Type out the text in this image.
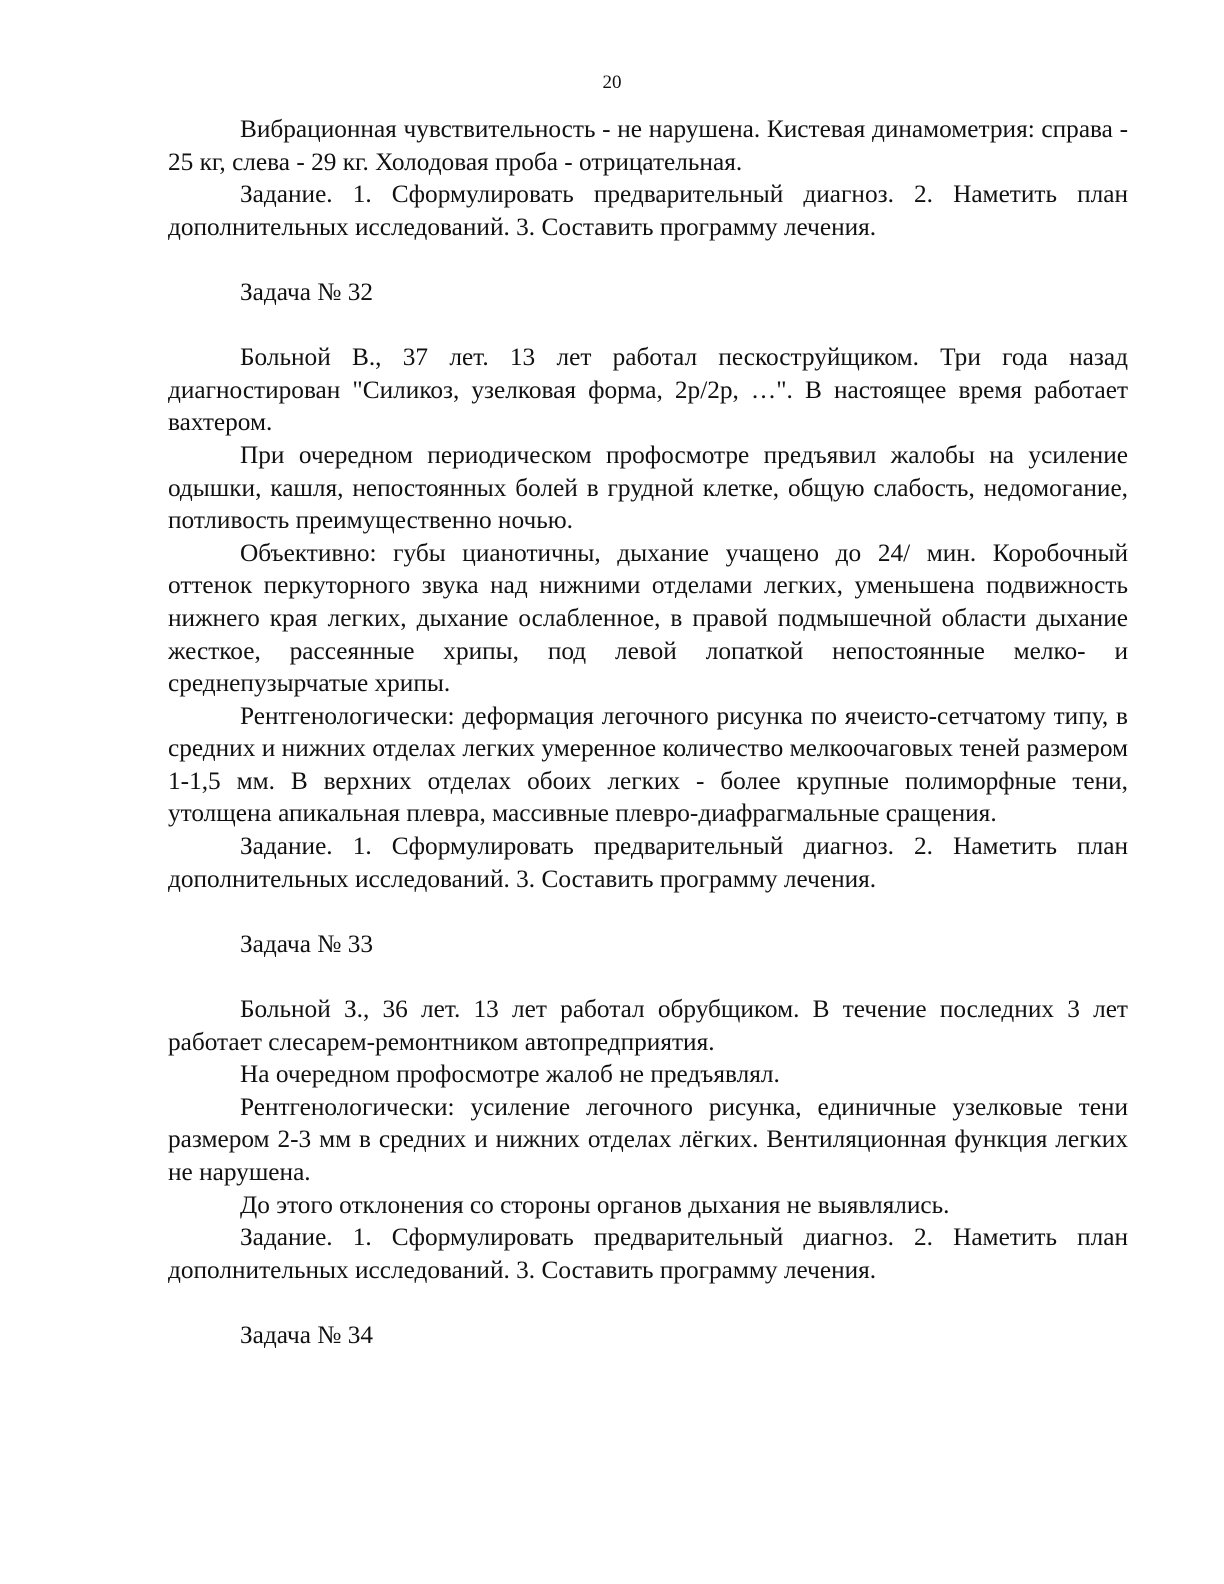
20

Вибрационная чувствительность - не нарушена. Кистевая динамометрия: справа - 25 кг, слева - 29 кг. Холодовая проба - отрицательная.

Задание. 1. Сформулировать предварительный диагноз. 2. Наметить план дополнительных исследований. 3. Составить программу лечения.

Задача № 32

Больной В., 37 лет. 13 лет работал пескоструйщиком. Три года назад диагностирован "Силикоз, узелковая форма, 2р/2р, …". В настоящее время работает вахтером.

При очередном периодическом профосмотре предъявил жалобы на усиление одышки, кашля, непостоянных болей в грудной клетке, общую слабость, недомогание, потливость преимущественно ночью.

Объективно: губы цианотичны, дыхание учащено до 24/ мин. Коробочный оттенок перкуторного звука над нижними отделами легких, уменьшена подвижность нижнего края легких, дыхание ослабленное, в правой подмышечной области дыхание жесткое, рассеянные хрипы, под левой лопаткой непостоянные мелко- и среднепузырчатые хрипы.

Рентгенологически: деформация легочного рисунка по ячеисто-сетчатому типу, в средних и нижних отделах легких умеренное количество мелкоочаговых теней размером 1-1,5 мм. В верхних отделах обоих легких - более крупные полиморфные тени, утолщена апикальная плевра, массивные плевро-диафрагмальные сращения.

Задание. 1. Сформулировать предварительный диагноз. 2. Наметить план дополнительных исследований. 3. Составить программу лечения.

Задача № 33

Больной З., 36 лет. 13 лет работал обрубщиком. В течение последних 3 лет работает слесарем-ремонтником автопредприятия.

На очередном профосмотре жалоб не предъявлял.

Рентгенологически: усиление легочного рисунка, единичные узелковые тени размером 2-3 мм в средних и нижних отделах лёгких. Вентиляционная функция легких не нарушена.

До этого отклонения со стороны органов дыхания не выявлялись.

Задание. 1. Сформулировать предварительный диагноз. 2. Наметить план дополнительных исследований. 3. Составить программу лечения.

Задача № 34
